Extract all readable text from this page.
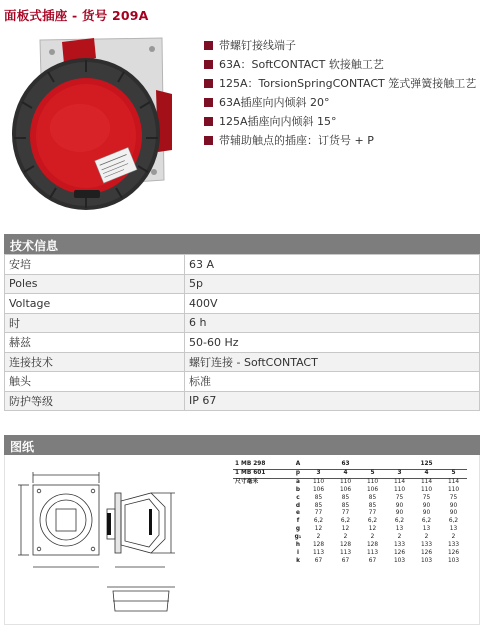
面板式插座 - 货号 209A
带螺钉接线端子
63A：SoftCONTACT 软接触工艺
125A：TorsionSpringCONTACT 笼式弹簧接触工艺
63A插座向内倾斜 20°
125A插座向内倾斜 15°
带辅助触点的插座：订货号 + P
技术信息
安培	63 A
Poles	5p
Voltage	400V
时	6 h
赫兹	50-60 Hz
连接技术	螺钉连接 - SoftCONTACT
触头	标准
防护等级	IP 67
图纸
1 MB 298	A	63			125		
1 MB 601	p	3	4	5	3	4	5
尺寸毫米	a	110	110	110	114	114	114
	b	106	106	106	110	110	110
	c	85	85	85	75	75	75
	d	85	85	85	90	90	90
	e	77	77	77	90	90	90
	f	6,2	6,2	6,2	6,2	6,2	6,2
	g	12	12	12	13	13	13
	g₁	2	2	2	2	2	2
	h	128	128	128	133	133	133
	i	113	113	113	126	126	126
	k	67	67	67	103	103	103
